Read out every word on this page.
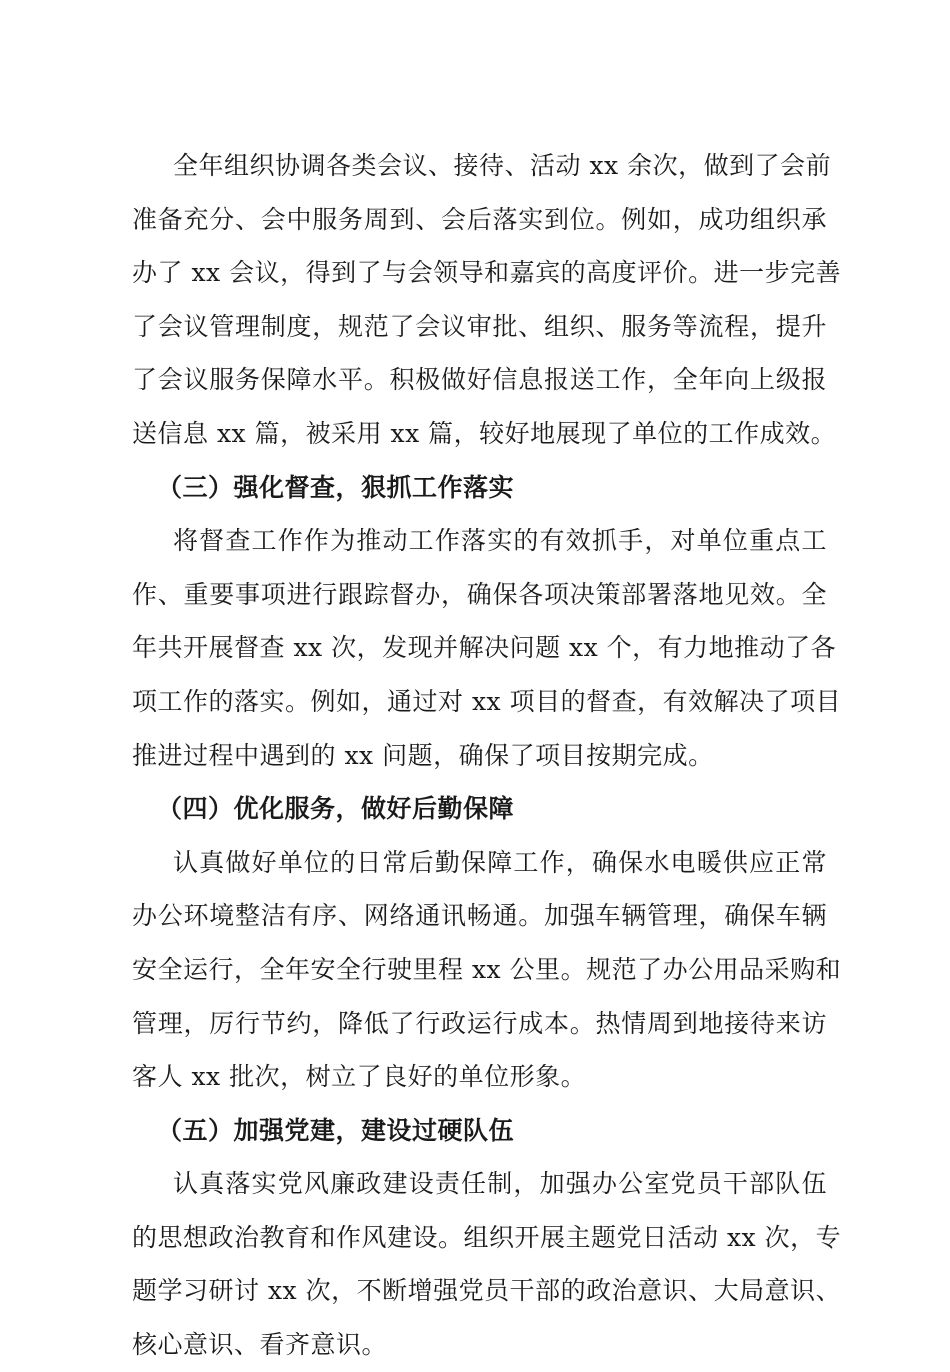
全年组织协调各类会议、接待、活动 xx 余次，做到了会前
准备充分、会中服务周到、会后落实到位。例如，成功组织承
办了 xx 会议，得到了与会领导和嘉宾的高度评价。进一步完善
了会议管理制度，规范了会议审批、组织、服务等流程，提升
了会议服务保障水平。积极做好信息报送工作，全年向上级报
送信息 xx 篇，被采用 xx 篇，较好地展现了单位的工作成效。
（三）强化督查，狠抓工作落实
将督查工作作为推动工作落实的有效抓手，对单位重点工
作、重要事项进行跟踪督办，确保各项决策部署落地见效。全
年共开展督查 xx 次，发现并解决问题 xx 个，有力地推动了各
项工作的落实。例如，通过对 xx 项目的督查，有效解决了项目
推进过程中遇到的 xx 问题，确保了项目按期完成。
（四）优化服务，做好后勤保障
认真做好单位的日常后勤保障工作，确保水电暖供应正常
办公环境整洁有序、网络通讯畅通。加强车辆管理，确保车辆
安全运行，全年安全行驶里程 xx 公里。规范了办公用品采购和
管理，厉行节约，降低了行政运行成本。热情周到地接待来访
客人 xx 批次，树立了良好的单位形象。
（五）加强党建，建设过硬队伍
认真落实党风廉政建设责任制，加强办公室党员干部队伍
的思想政治教育和作风建设。组织开展主题党日活动 xx 次，专
题学习研讨 xx 次，不断增强党员干部的政治意识、大局意识、
核心意识、看齐意识。
